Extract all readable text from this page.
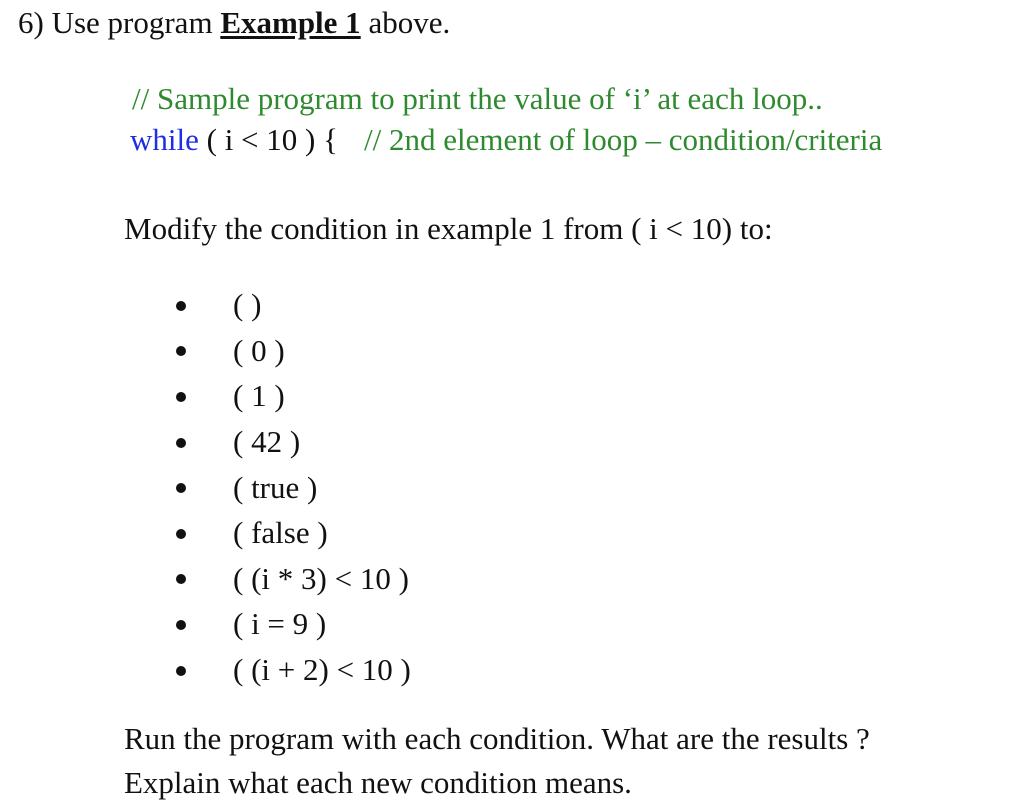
6) Use program Example 1 above.
// Sample program to print the value of ‘i’ at each loop..
while ( i < 10 ) { // 2nd element of loop – condition/criteria
Modify the condition in example 1 from ( i < 10) to:
( )
( 0 )
( 1 )
( 42 )
( true )
( false )
( (i * 3) < 10 )
( i = 9 )
( (i + 2) < 10 )
Run the program with each condition. What are the results ?
Explain what each new condition means.
